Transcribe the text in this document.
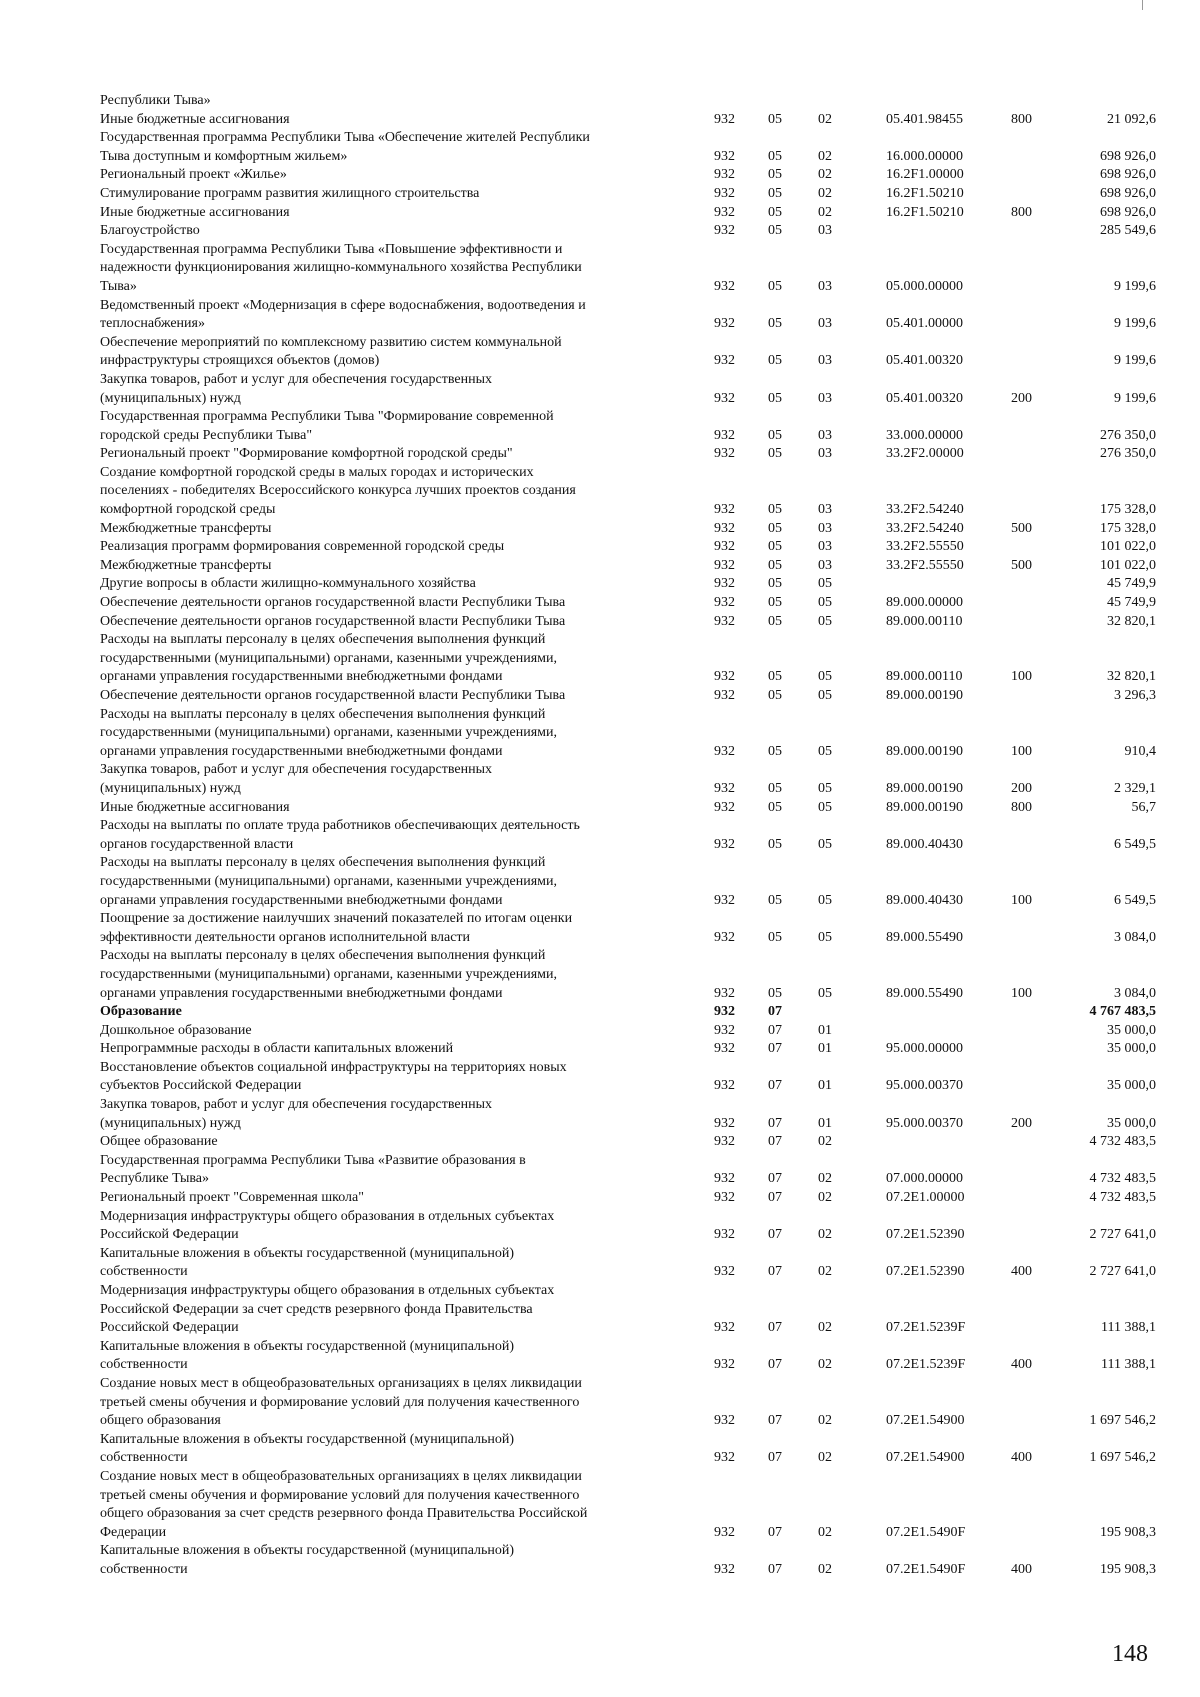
Республики Тыва»						
Иные бюджетные ассигнования	932	05	02	05.401.98455	800	21 092,6
Государственная программа Республики Тыва «Обеспечение жителей Республики
Тыва доступным и комфортным жильем»	932	05	02	16.000.00000		698 926,0
Региональный проект «Жилье»	932	05	02	16.2F1.00000		698 926,0
Стимулирование программ развития жилищного строительства	932	05	02	16.2F1.50210		698 926,0
Иные бюджетные ассигнования	932	05	02	16.2F1.50210	800	698 926,0
Благоустройство	932	05	03			285 549,6
Государственная программа Республики Тыва «Повышение эффективности и
надежности функционирования жилищно-коммунального хозяйства Республики
Тыва»	932	05	03	05.000.00000		9 199,6
Ведомственный проект «Модернизация в сфере водоснабжения, водоотведения и
теплоснабжения»	932	05	03	05.401.00000		9 199,6
Обеспечение мероприятий по комплексному развитию систем коммунальной
инфраструктуры строящихся объектов (домов)	932	05	03	05.401.00320		9 199,6
Закупка товаров, работ и услуг для обеспечения государственных
(муниципальных) нужд	932	05	03	05.401.00320	200	9 199,6
Государственная программа Республики Тыва "Формирование современной
городской среды Республики Тыва"	932	05	03	33.000.00000		276 350,0
Региональный проект "Формирование комфортной городской среды"	932	05	03	33.2F2.00000		276 350,0
Создание комфортной городской среды в малых городах и исторических
поселениях - победителях Всероссийского конкурса лучших проектов создания
комфортной городской среды	932	05	03	33.2F2.54240		175 328,0
Межбюджетные трансферты	932	05	03	33.2F2.54240	500	175 328,0
Реализация программ формирования современной городской среды	932	05	03	33.2F2.55550		101 022,0
Межбюджетные трансферты	932	05	03	33.2F2.55550	500	101 022,0
Другие вопросы в области жилищно-коммунального хозяйства	932	05	05			45 749,9
Обеспечение деятельности органов государственной власти Республики Тыва	932	05	05	89.000.00000		45 749,9
Обеспечение деятельности органов государственной власти Республики Тыва	932	05	05	89.000.00110		32 820,1
Расходы на выплаты персоналу в целях обеспечения выполнения функций
государственными (муниципальными) органами, казенными учреждениями,
органами управления государственными внебюджетными фондами	932	05	05	89.000.00110	100	32 820,1
Обеспечение деятельности органов государственной власти Республики Тыва	932	05	05	89.000.00190		3 296,3
Расходы на выплаты персоналу в целях обеспечения выполнения функций
государственными (муниципальными) органами, казенными учреждениями,
органами управления государственными внебюджетными фондами	932	05	05	89.000.00190	100	910,4
Закупка товаров, работ и услуг для обеспечения государственных
(муниципальных) нужд	932	05	05	89.000.00190	200	2 329,1
Иные бюджетные ассигнования	932	05	05	89.000.00190	800	56,7
Расходы на выплаты по оплате труда работников обеспечивающих деятельность
органов государственной власти	932	05	05	89.000.40430		6 549,5
Расходы на выплаты персоналу в целях обеспечения выполнения функций
государственными (муниципальными) органами, казенными учреждениями,
органами управления государственными внебюджетными фондами	932	05	05	89.000.40430	100	6 549,5
Поощрение за достижение наилучших значений показателей по итогам оценки
эффективности деятельности органов исполнительной власти	932	05	05	89.000.55490		3 084,0
Расходы на выплаты персоналу в целях обеспечения выполнения функций
государственными (муниципальными) органами, казенными учреждениями,
органами управления государственными внебюджетными фондами	932	05	05	89.000.55490	100	3 084,0
Образование	932	07				4 767 483,5
Дошкольное образование	932	07	01			35 000,0
Непрограммные расходы в области капитальных вложений	932	07	01	95.000.00000		35 000,0
Восстановление объектов социальной инфраструктуры на территориях новых
субъектов Российской Федерации	932	07	01	95.000.00370		35 000,0
Закупка товаров, работ и услуг для обеспечения государственных
(муниципальных) нужд	932	07	01	95.000.00370	200	35 000,0
Общее образование	932	07	02			4 732 483,5
Государственная программа Республики Тыва «Развитие образования в
Республике Тыва»	932	07	02	07.000.00000		4 732 483,5
Региональный проект "Современная школа"	932	07	02	07.2E1.00000		4 732 483,5
Модернизация инфраструктуры общего образования в отдельных субъектах
Российской Федерации	932	07	02	07.2E1.52390		2 727 641,0
Капитальные вложения в объекты государственной (муниципальной)
собственности	932	07	02	07.2E1.52390	400	2 727 641,0
Модернизация инфраструктуры общего образования в отдельных субъектах
Российской Федерации за счет средств резервного фонда Правительства
Российской Федерации	932	07	02	07.2E1.5239F		111 388,1
Капитальные вложения в объекты государственной (муниципальной)
собственности	932	07	02	07.2E1.5239F	400	111 388,1
Создание новых мест в общеобразовательных организациях в целях ликвидации
третьей смены обучения и формирование условий для получения качественного
общего образования	932	07	02	07.2E1.54900		1 697 546,2
Капитальные вложения в объекты государственной (муниципальной)
собственности	932	07	02	07.2E1.54900	400	1 697 546,2
Создание новых мест в общеобразовательных организациях в целях ликвидации
третьей смены обучения и формирование условий для получения качественного
общего образования за счет средств резервного фонда Правительства Российской
Федерации	932	07	02	07.2E1.5490F		195 908,3
Капитальные вложения в объекты государственной (муниципальной)
собственности	932	07	02	07.2E1.5490F	400	195 908,3
148
